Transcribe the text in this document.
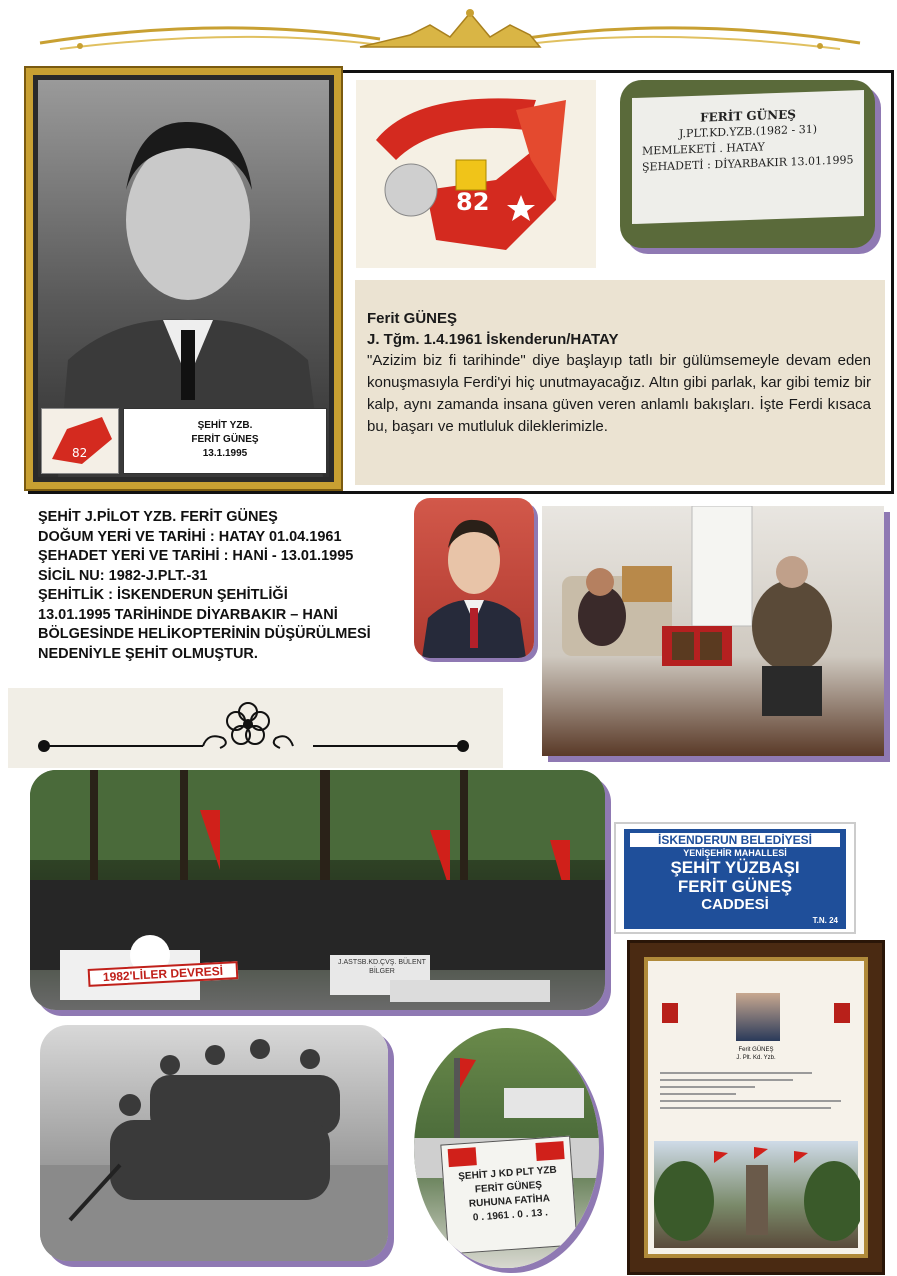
82
ŞEHİT YZB.
FERİT GÜNEŞ
13.1.1995
82
FERİT GÜNEŞ
J.PLT.KD.YZB.(1982 - 31)
MEMLEKETİ . HATAY
ŞEHADETİ : DİYARBAKIR 13.01.1995
Ferit GÜNEŞ
J. Tğm. 1.4.1961 İskenderun/HATAY
"Azizim biz fi tarihinde" diye başlayıp tatlı bir gülümsemeyle devam eden konuşmasıyla Ferdi'yi hiç unutmayacağız. Altın gibi parlak, kar gibi temiz bir kalp, aynı zamanda insana güven veren anlamlı bakışları. İşte Ferdi kısaca bu, başarı ve mutluluk dileklerimizle.
ŞEHİT J.PİLOT YZB. FERİT GÜNEŞ
DOĞUM YERİ VE TARİHİ : HATAY 01.04.1961
ŞEHADET YERİ VE TARİHİ : HANİ - 13.01.1995
SİCİL NU: 1982-J.PLT.-31
ŞEHİTLİK : İSKENDERUN ŞEHİTLİĞİ
13.01.1995 TARİHİNDE DİYARBAKIR – HANİ
BÖLGESİNDE HELİKOPTERİNİN DÜŞÜRÜLMESİ
NEDENİYLE ŞEHİT OLMUŞTUR.
1982'LİLER DEVRESİ
J.ASTSB.KD.ÇVŞ. BÜLENT BİLGER
İSKENDERUN BELEDİYESİ
YENİŞEHİR MAHALLESİ
ŞEHİT YÜZBAŞI
FERİT GÜNEŞ
CADDESİ
T.N. 24
ŞEHİT J KD PLT YZB
FERİT GÜNEŞ
RUHUNA FATİHA
0 . 1961 . 0 . 13 .
Ferit GÜNEŞ
J. Plt. Kd. Yzb.
